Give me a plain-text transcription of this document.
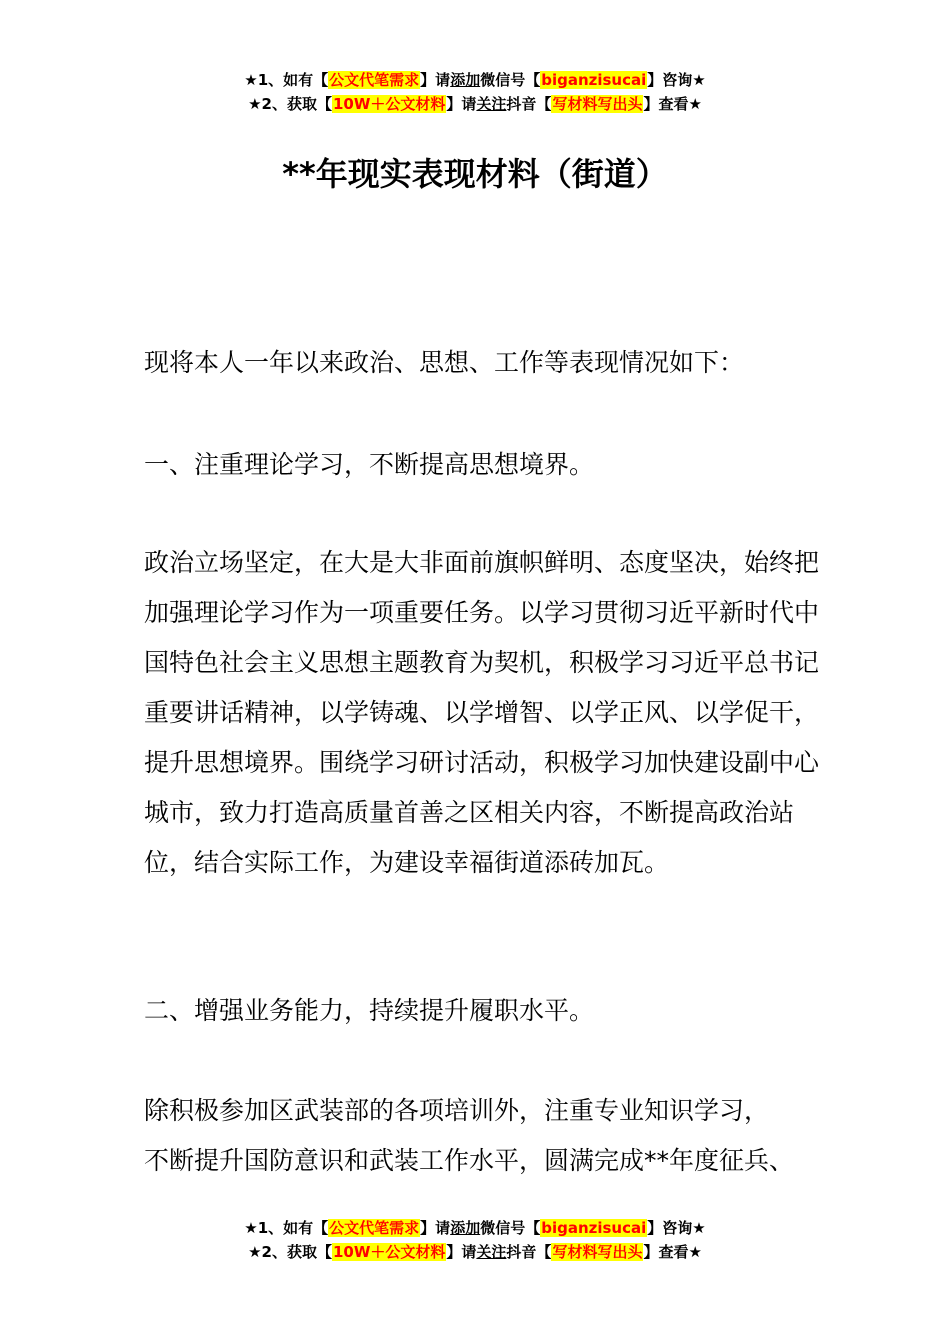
★1、如有【公文代笔需求】请添加微信号【biganzisucai】咨询★
★2、获取【10W＋公文材料】请关注抖音【写材料写出头】查看★
**年现实表现材料（街道）

现将本人一年以来政治、思想、工作等表现情况如下：

一、注重理论学习，不断提高思想境界。

政治立场坚定，在大是大非面前旗帜鲜明、态度坚决，始终把加强理论学习作为一项重要任务。以学习贯彻习近平新时代中国特色社会主义思想主题教育为契机，积极学习习近平总书记重要讲话精神，以学铸魂、以学增智、以学正风、以学促干，提升思想境界。围绕学习研讨活动，积极学习加快建设副中心城市，致力打造高质量首善之区相关内容，不断提高政治站位，结合实际工作，为建设幸福街道添砖加瓦。

二、增强业务能力，持续提升履职水平。

除积极参加区武装部的各项培训外，注重专业知识学习，
不断提升国防意识和武装工作水平，圆满完成**年度征兵、

★1、如有【公文代笔需求】请添加微信号【biganzisucai】咨询★
★2、获取【10W＋公文材料】请关注抖音【写材料写出头】查看★
